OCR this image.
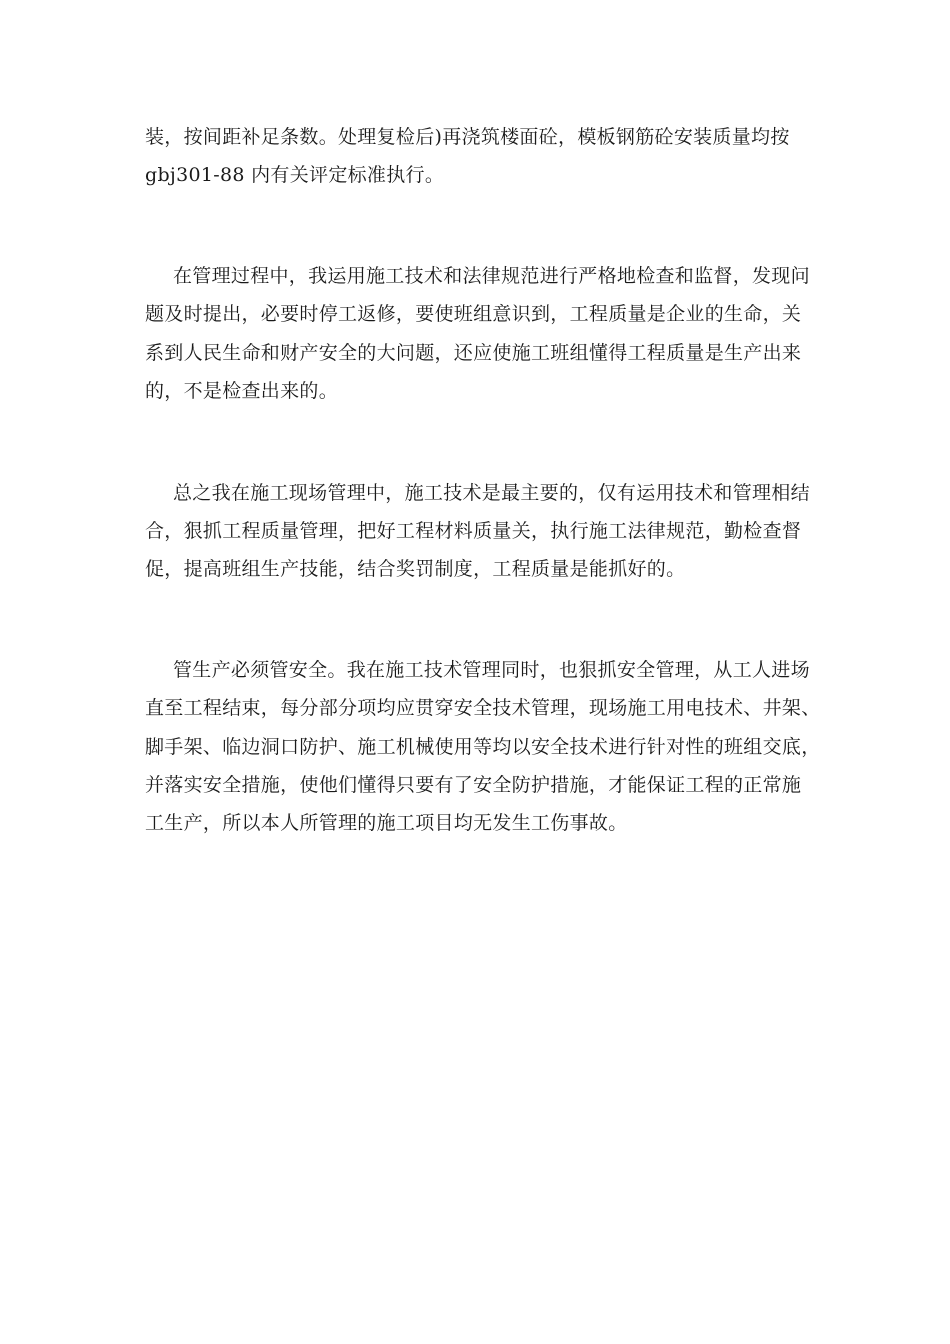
装，按间距补足条数。处理复检后)再浇筑楼面砼，模板钢筋砼安装质量均按
gbj301-88 内有关评定标准执行。
在管理过程中，我运用施工技术和法律规范进行严格地检查和监督，发现问
题及时提出，必要时停工返修，要使班组意识到，工程质量是企业的生命，关
系到人民生命和财产安全的大问题，还应使施工班组懂得工程质量是生产出来
的，不是检查出来的。
总之我在施工现场管理中，施工技术是最主要的，仅有运用技术和管理相结
合，狠抓工程质量管理，把好工程材料质量关，执行施工法律规范，勤检查督
促，提高班组生产技能，结合奖罚制度，工程质量是能抓好的。
管生产必须管安全。我在施工技术管理同时，也狠抓安全管理，从工人进场
直至工程结束，每分部分项均应贯穿安全技术管理，现场施工用电技术、井架、
脚手架、临边洞口防护、施工机械使用等均以安全技术进行针对性的班组交底，
并落实安全措施，使他们懂得只要有了安全防护措施，才能保证工程的正常施
工生产，所以本人所管理的施工项目均无发生工伤事故。
